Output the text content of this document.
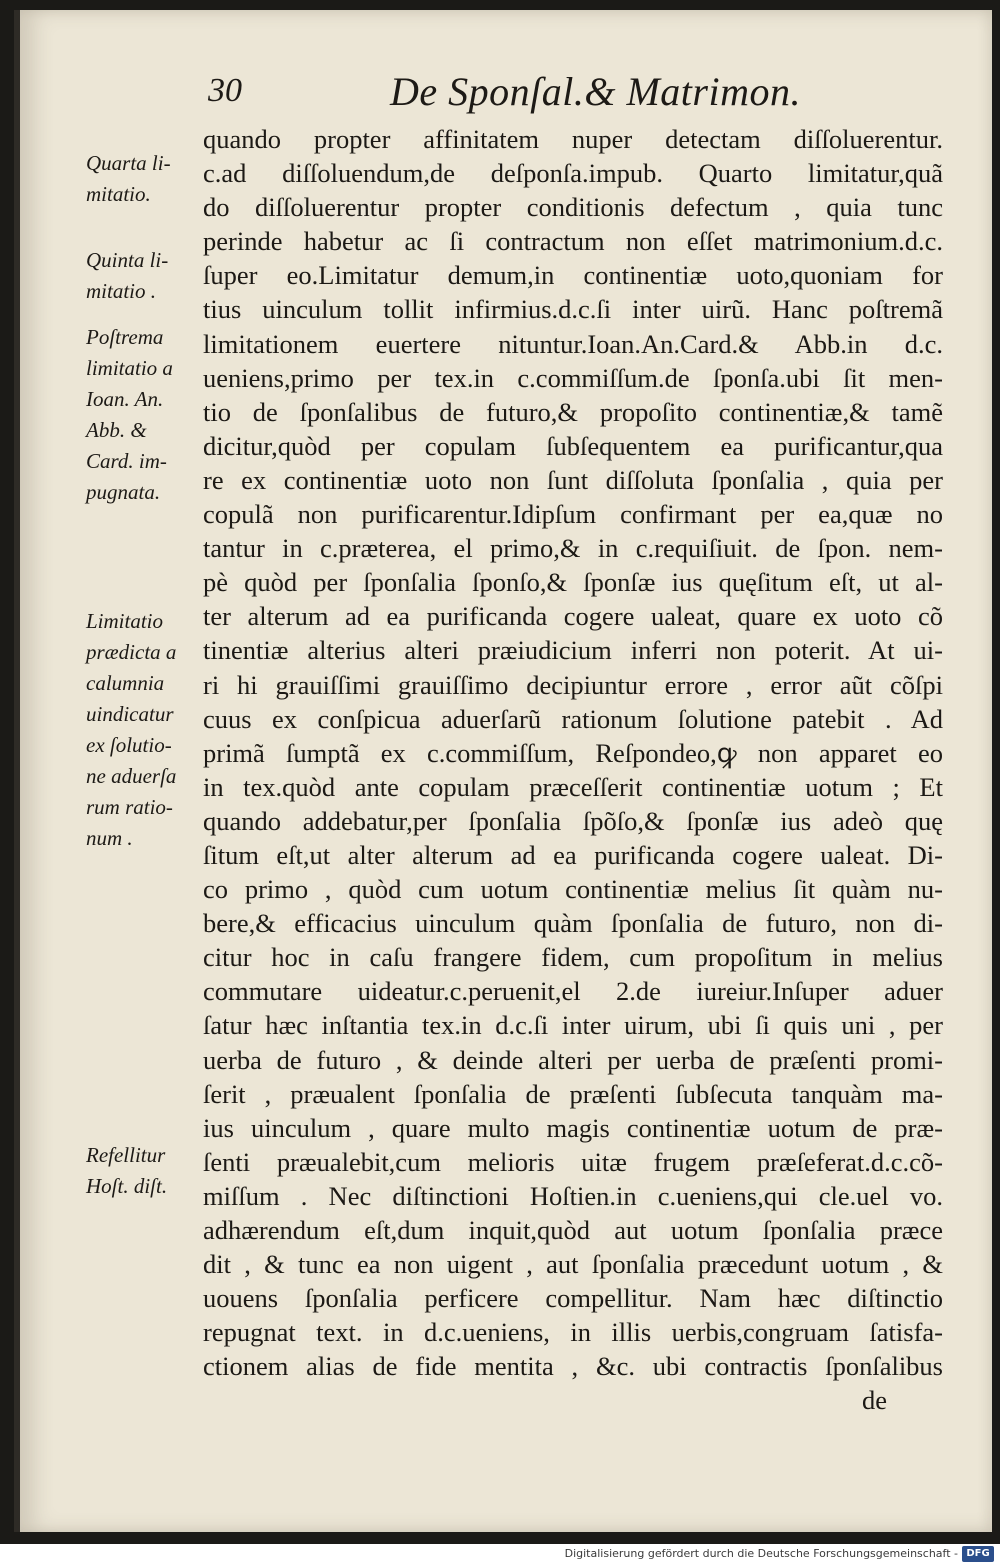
30	De Sponſal.& Matrimon.
Quarta li-
mitatio.
Quinta li-
mitatio .
Poſtrema
limitatio a
Ioan. An.
Abb. &
Card. im-
pugnata.
Limitatio
prædicta a
calumnia
uindicatur
ex ſolutio-
ne aduerſa
rum ratio-
num .
Refellitur
Hoſt. diſt.
quando propter affinitatem nuper detectam diſſoluerentur.
c.ad diſſoluendum,de deſponſa.impub. Quarto limitatur,quã
do diſſoluerentur propter conditionis defectum , quia tunc
perinde habetur ac ſi contractum non eſſet matrimonium.d.c.
ſuper eo.Limitatur demum,in continentiæ uoto,quoniam for
tius uinculum tollit infirmius.d.c.ſi inter uirũ. Hanc poſtremã
limitationem euertere nituntur.Ioan.An.Card.& Abb.in d.c.
ueniens,primo per tex.in c.commiſſum.de ſponſa.ubi ſit men-
tio de ſponſalibus de futuro,& propoſito continentiæ,& tamẽ
dicitur,quòd per copulam ſubſequentem ea purificantur,qua
re ex continentiæ uoto non ſunt diſſoluta ſponſalia , quia per
copulã non purificarentur.Idipſum confirmant per ea,quæ no
tantur in c.præterea, el primo,& in c.requiſiuit. de ſpon. nem-
pè quòd per ſponſalia ſponſo,& ſponſæ ius quęſitum eſt, ut al-
ter alterum ad ea purificanda cogere ualeat, quare ex uoto cõ
tinentiæ alterius alteri præiudicium inferri non poterit. At ui-
ri hi grauiſſimi grauiſſimo decipiuntur errore , error aũt cõſpi
cuus ex conſpicua aduerſarũ rationum ſolutione patebit . Ad
primã ſumptã ex c.commiſſum, Reſpondeo,ꝙ non apparet eo
in tex.quòd ante copulam præceſſerit continentiæ uotum ; Et
quando addebatur,per ſponſalia ſpõſo,& ſponſæ ius adeò quę
ſitum eſt,ut alter alterum ad ea purificanda cogere ualeat. Di-
co primo , quòd cum uotum continentiæ melius ſit quàm nu-
bere,& efficacius uinculum quàm ſponſalia de futuro, non di-
citur hoc in caſu frangere fidem, cum propoſitum in melius
commutare uideatur.c.peruenit,el 2.de iureiur.Inſuper aduer
ſatur hæc inſtantia tex.in d.c.ſi inter uirum, ubi ſi quis uni , per
uerba de futuro , & deinde alteri per uerba de præſenti promi-
ſerit , præualent ſponſalia de præſenti ſubſecuta tanquàm ma-
ius uinculum , quare multo magis continentiæ uotum de præ-
ſenti præualebit,cum melioris uitæ frugem præſeferat.d.c.cõ-
miſſum . Nec diſtinctioni Hoſtien.in c.ueniens,qui cle.uel vo.
adhærendum eſt,dum inquit,quòd aut uotum ſponſalia præce
dit , & tunc ea non uigent , aut ſponſalia præcedunt uotum , &
uouens ſponſalia perficere compellitur. Nam hæc diſtinctio
repugnat text. in d.c.ueniens, in illis uerbis,congruam ſatisfa-
ctionem alias de fide mentita , &c. ubi contractis ſponſalibus
de
Digitalisierung gefördert durch die Deutsche Forschungsgemeinschaft - DFG
